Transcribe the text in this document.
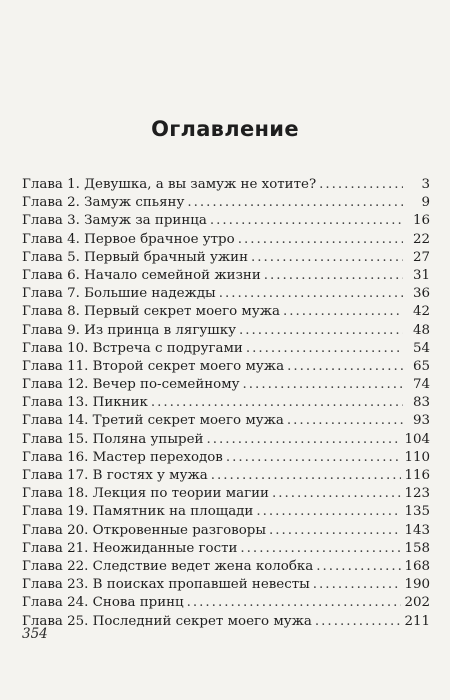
Оглавление
Глава 1. Девушка, а вы замуж не хотите? .....	3
Глава 2. Замуж спьяну .....	9
Глава 3. Замуж за принца .....	16
Глава 4. Первое брачное утро .....	22
Глава 5. Первый брачный ужин .....	27
Глава 6. Начало семейной жизни .....	31
Глава 7. Большие надежды .....	36
Глава 8. Первый секрет моего мужа .....	42
Глава 9. Из принца в лягушку .....	48
Глава 10. Встреча с подругами .....	54
Глава 11. Второй секрет моего мужа .....	65
Глава 12. Вечер по-семейному .....	74
Глава 13. Пикник .....	83
Глава 14. Третий секрет моего мужа .....	93
Глава 15. Поляна упырей .....	104
Глава 16. Мастер переходов .....	110
Глава 17. В гостях у мужа .....	116
Глава 18. Лекция по теории магии .....	123
Глава 19. Памятник на площади .....	135
Глава 20. Откровенные разговоры .....	143
Глава 21. Неожиданные гости .....	158
Глава 22. Следствие ведет жена колобка .....	168
Глава 23. В поисках пропавшей невесты .....	190
Глава 24. Снова принц .....	202
Глава 25. Последний секрет моего мужа .....	211
354
